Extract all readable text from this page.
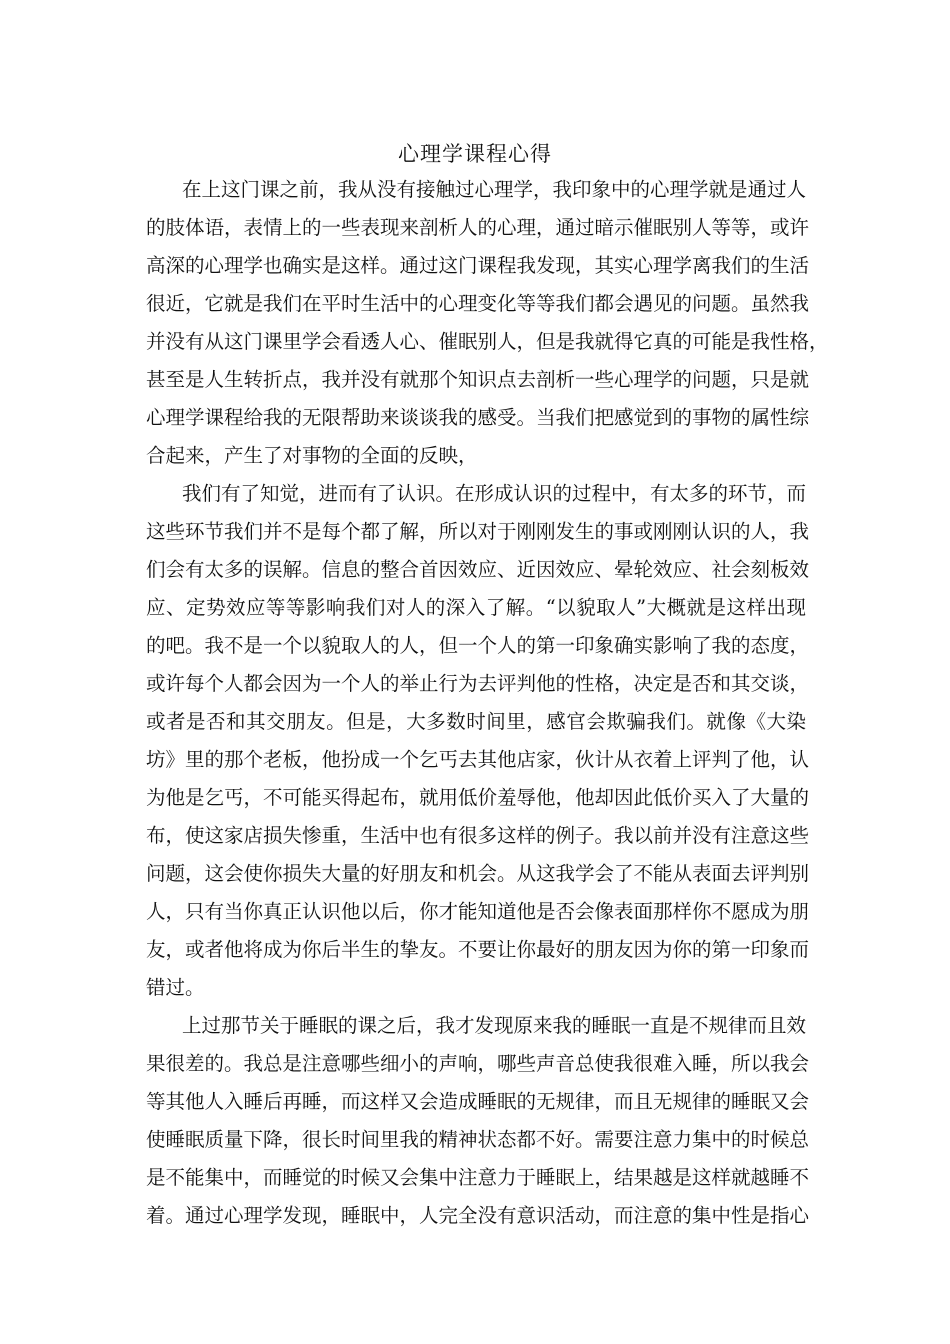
心理学课程心得

在上这门课之前，我从没有接触过心理学，我印象中的心理学就是通过人

的肢体语，表情上的一些表现来剖析人的心理，通过暗示催眠别人等等，或许

高深的心理学也确实是这样。通过这门课程我发现，其实心理学离我们的生活

很近，它就是我们在平时生活中的心理变化等等我们都会遇见的问题。虽然我

并没有从这门课里学会看透人心、催眠别人，但是我就得它真的可能是我性格，

甚至是人生转折点，我并没有就那个知识点去剖析一些心理学的问题，只是就

心理学课程给我的无限帮助来谈谈我的感受。当我们把感觉到的事物的属性综

合起来，产生了对事物的全面的反映，

我们有了知觉，进而有了认识。在形成认识的过程中，有太多的环节，而

这些环节我们并不是每个都了解，所以对于刚刚发生的事或刚刚认识的人，我

们会有太多的误解。信息的整合首因效应、近因效应、晕轮效应、社会刻板效

应、定势效应等等影响我们对人的深入了解。“以貌取人”大概就是这样出现

的吧。我不是一个以貌取人的人，但一个人的第一印象确实影响了我的态度，

或许每个人都会因为一个人的举止行为去评判他的性格，决定是否和其交谈，

或者是否和其交朋友。但是，大多数时间里，感官会欺骗我们。就像《大染

坊》里的那个老板，他扮成一个乞丐去其他店家，伙计从衣着上评判了他，认

为他是乞丐，不可能买得起布，就用低价羞辱他，他却因此低价买入了大量的

布，使这家店损失惨重，生活中也有很多这样的例子。我以前并没有注意这些

问题，这会使你损失大量的好朋友和机会。从这我学会了不能从表面去评判别

人，只有当你真正认识他以后，你才能知道他是否会像表面那样你不愿成为朋

友，或者他将成为你后半生的挚友。不要让你最好的朋友因为你的第一印象而

错过。

上过那节关于睡眠的课之后，我才发现原来我的睡眠一直是不规律而且效

果很差的。我总是注意哪些细小的声响，哪些声音总使我很难入睡，所以我会

等其他人入睡后再睡，而这样又会造成睡眠的无规律，而且无规律的睡眠又会

使睡眠质量下降，很长时间里我的精神状态都不好。需要注意力集中的时候总

是不能集中，而睡觉的时候又会集中注意力于睡眠上，结果越是这样就越睡不

着。通过心理学发现，睡眠中，人完全没有意识活动，而注意的集中性是指心
